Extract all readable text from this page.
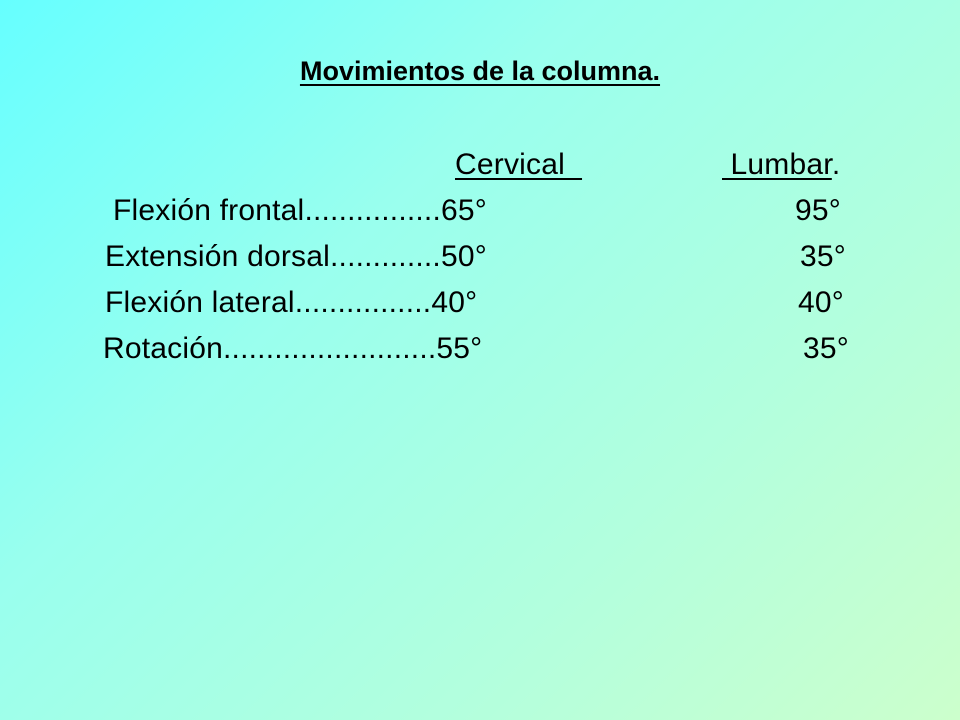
Movimientos de la columna.
Cervical	Lumbar.
Flexión frontal................65°	95°
Extensión dorsal.............50°	35°
Flexión lateral................40°	40°
Rotación.........................55°	35°
